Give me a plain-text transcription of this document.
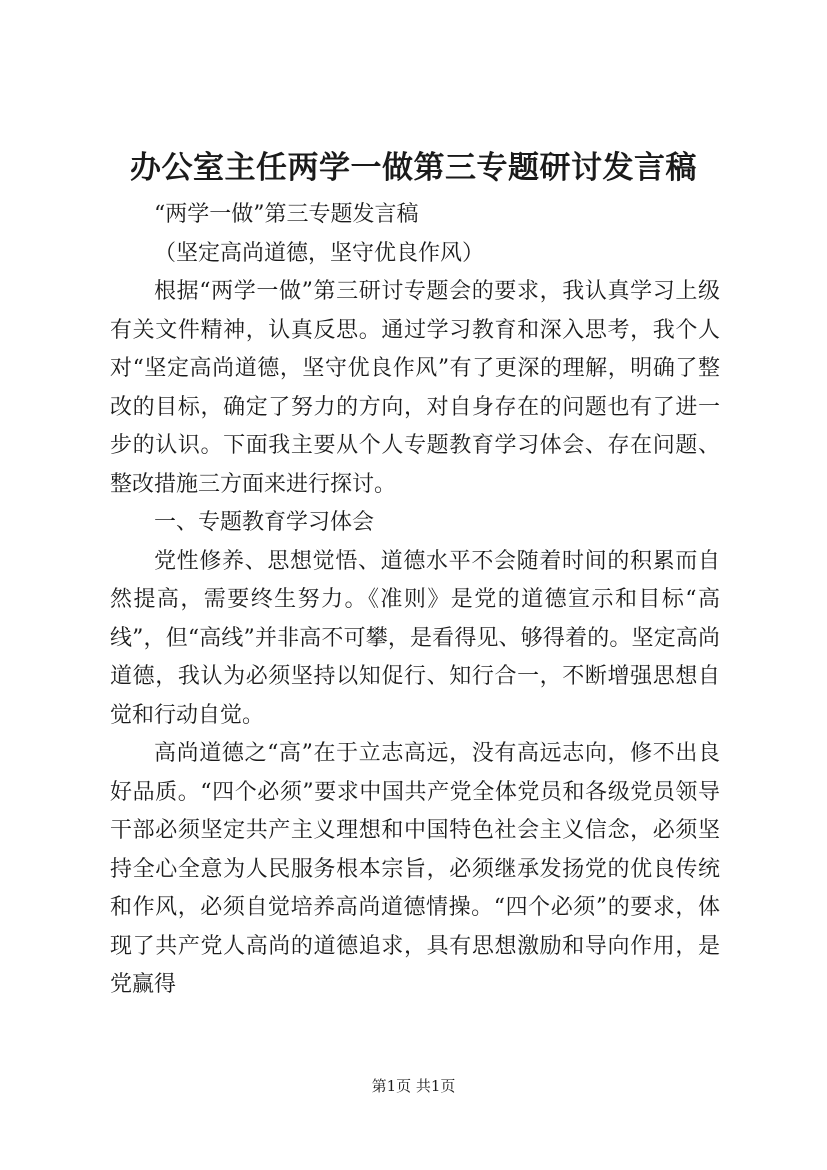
办公室主任两学一做第三专题研讨发言稿

“两学一做”第三专题发言稿

（坚定高尚道德，坚守优良作风）

根据“两学一做”第三研讨专题会的要求，我认真学习上级有关文件精神，认真反思。通过学习教育和深入思考，我个人对“坚定高尚道德，坚守优良作风”有了更深的理解，明确了整改的目标，确定了努力的方向，对自身存在的问题也有了进一步的认识。下面我主要从个人专题教育学习体会、存在问题、整改措施三方面来进行探讨。

一、专题教育学习体会

党性修养、思想觉悟、道德水平不会随着时间的积累而自然提高，需要终生努力。《准则》是党的道德宣示和目标“高线”，但“高线”并非高不可攀，是看得见、够得着的。坚定高尚道德，我认为必须坚持以知促行、知行合一，不断增强思想自觉和行动自觉。

高尚道德之“高”在于立志高远，没有高远志向，修不出良好品质。“四个必须”要求中国共产党全体党员和各级党员领导干部必须坚定共产主义理想和中国特色社会主义信念，必须坚持全心全意为人民服务根本宗旨，必须继承发扬党的优良传统和作风，必须自觉培养高尚道德情操。“四个必须”的要求，体现了共产党人高尚的道德追求，具有思想激励和导向作用，是党赢得

第1页 共1页
